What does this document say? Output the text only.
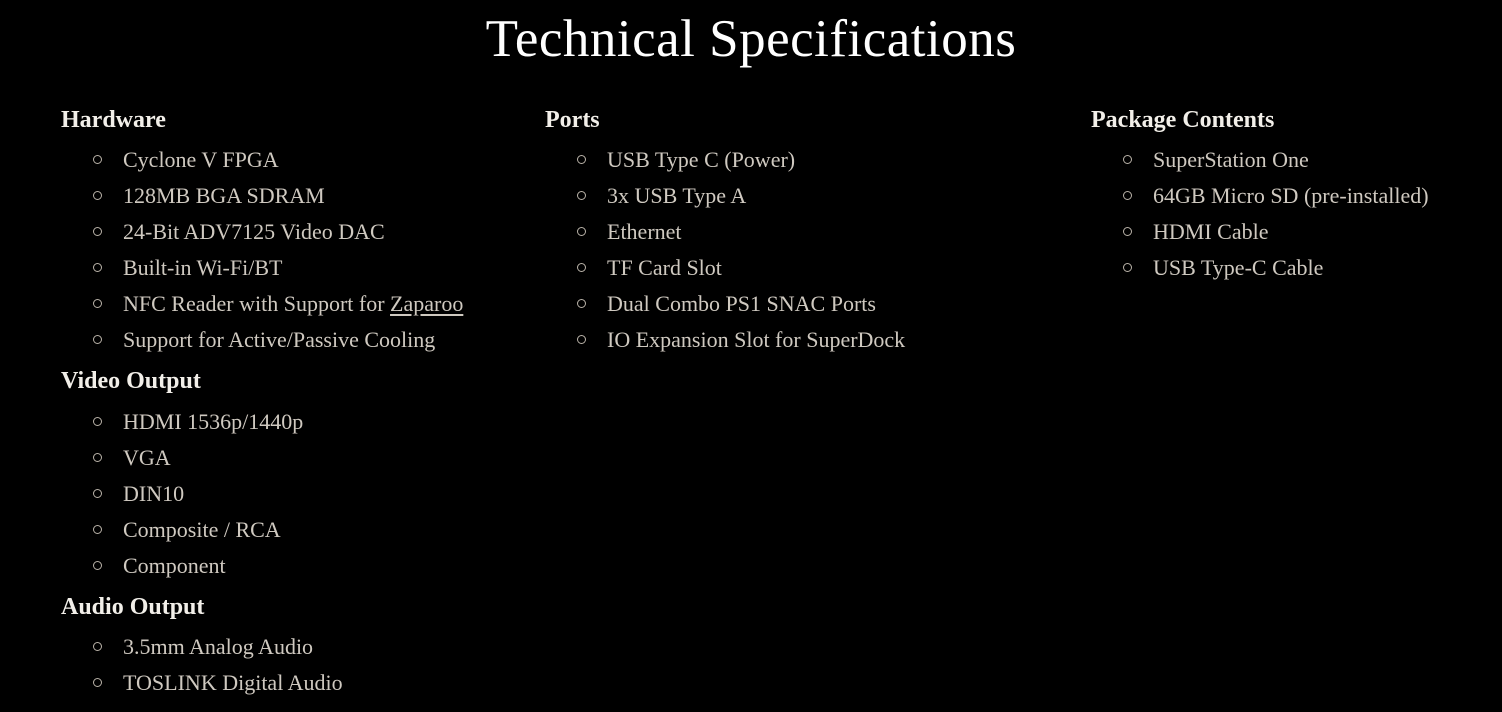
Technical Specifications
Hardware
Cyclone V FPGA
128MB BGA SDRAM
24-Bit ADV7125 Video DAC
Built-in Wi-Fi/BT
NFC Reader with Support for Zaparoo
Support for Active/Passive Cooling
Video Output
HDMI 1536p/1440p
VGA
DIN10
Composite / RCA
Component
Audio Output
3.5mm Analog Audio
TOSLINK Digital Audio
Ports
USB Type C (Power)
3x USB Type A
Ethernet
TF Card Slot
Dual Combo PS1 SNAC Ports
IO Expansion Slot for SuperDock
Package Contents
SuperStation One
64GB Micro SD (pre-installed)
HDMI Cable
USB Type-C Cable
